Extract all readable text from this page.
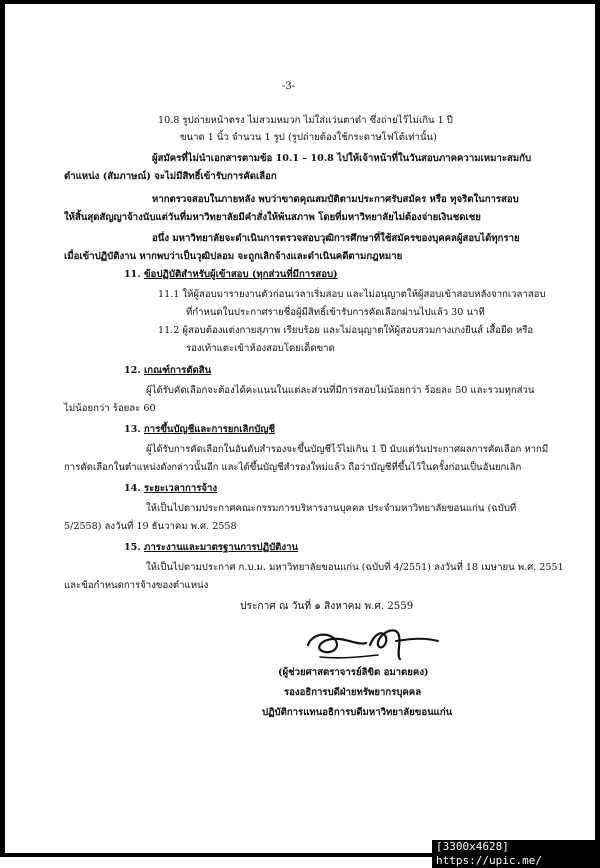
-3-
10.8 รูปถ่ายหน้าตรง ไม่สวมหมวก ไม่ใส่แว่นตาดำ ซึ่งถ่ายไว้ไม่เกิน 1 ปี
ขนาด 1 นิ้ว จำนวน 1 รูป (รูปถ่ายต้องใช้กระดาษโฟโต้เท่านั้น)
ผู้สมัครที่ไม่นำเอกสารตามข้อ 10.1 – 10.8 ไปให้เจ้าหน้าที่ในวันสอบภาคความเหมาะสมกับ
ตำแหน่ง (สัมภาษณ์) จะไม่มีสิทธิ์เข้ารับการคัดเลือก
หากตรวจสอบในภายหลัง พบว่าขาดคุณสมบัติตามประกาศรับสมัคร หรือ ทุจริตในการสอบ
ให้สิ้นสุดสัญญาจ้างนับแต่วันที่มหาวิทยาลัยมีคำสั่งให้พ้นสภาพ โดยที่มหาวิทยาลัยไม่ต้องจ่ายเงินชดเชย
อนึ่ง มหาวิทยาลัยจะดำเนินการตรวจสอบวุฒิการศึกษาที่ใช้สมัครของบุคคลผู้สอบได้ทุกราย
เมื่อเข้าปฏิบัติงาน หากพบว่าเป็นวุฒิปลอม จะถูกเลิกจ้างและดำเนินคดีตามกฎหมาย
11. ข้อปฏิบัติสำหรับผู้เข้าสอบ (ทุกส่วนที่มีการสอบ)
11.1 ให้ผู้สอบมารายงานตัวก่อนเวลาเริ่มสอบ และไม่อนุญาตให้ผู้สอบเข้าสอบหลังจากเวลาสอบ
ที่กำหนดในประกาศรายชื่อผู้มีสิทธิ์เข้ารับการคัดเลือกผ่านไปแล้ว 30 นาที
11.2 ผู้สอบต้องแต่งกายสุภาพ เรียบร้อย และไม่อนุญาตให้ผู้สอบสวมกางเกงยีนส์ เสื้อยืด หรือ
รองเท้าแตะเข้าห้องสอบโดยเด็ดขาด
12. เกณฑ์การตัดสิน
ผู้ได้รับคัดเลือกจะต้องได้คะแนนในแต่ละส่วนที่มีการสอบไม่น้อยกว่า ร้อยละ 50 และรวมทุกส่วน
ไม่น้อยกว่า ร้อยละ 60
13. การขึ้นบัญชีและการยกเลิกบัญชี
ผู้ได้รับการคัดเลือกในอันดับสำรองจะขึ้นบัญชีไว้ไม่เกิน 1 ปี นับแต่วันประกาศผลการคัดเลือก หากมี
การคัดเลือกในตำแหน่งดังกล่าวนั้นอีก และได้ขึ้นบัญชีสำรองใหม่แล้ว ถือว่าบัญชีที่ขึ้นไว้ในครั้งก่อนเป็นอันยกเลิก
14. ระยะเวลาการจ้าง
ให้เป็นไปตามประกาศคณะกรรมการบริหารงานบุคคล ประจำมหาวิทยาลัยขอนแก่น (ฉบับที่
5/2558) ลงวันที่ 19 ธันวาคม พ.ศ. 2558
15. ภาระงานและมาตรฐานการปฏิบัติงาน
ให้เป็นไปตามประกาศ ก.บ.ม. มหาวิทยาลัยขอนแก่น (ฉบับที่ 4/2551) ลงวันที่ 18 เมษายน พ.ศ. 2551
และข้อกำหนดการจ้างของตำแหน่ง
ประกาศ ณ วันที่ ๑ สิงหาคม พ.ศ. 2559
(ผู้ช่วยศาสตราจารย์ลิขิต อมาตยคง)
รองอธิการบดีฝ่ายทรัพยากรบุคคล
ปฏิบัติการแทนอธิการบดีมหาวิทยาลัยขอนแก่น
[3300x4628] https://upic.me/
